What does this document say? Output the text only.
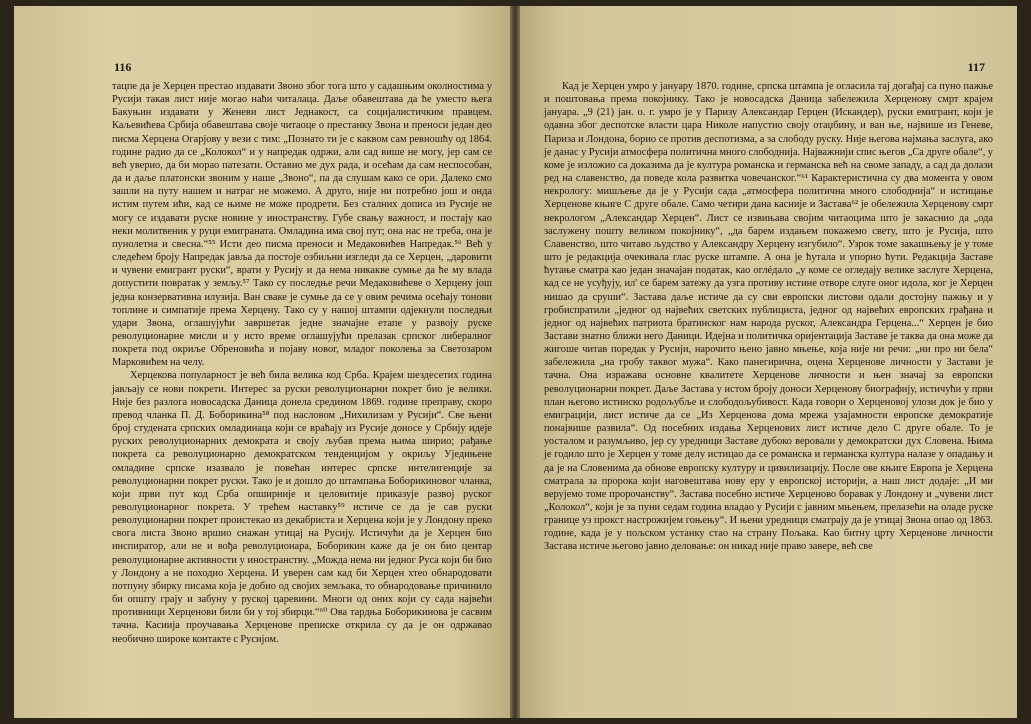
116

тацпе да је Херцен престао издавати Звоно због тога што у садашњим околностима у Русији такав лист није могао наћи читалаца. Даље обавештава да ће уместо њега Бакуњин издавати у Женеви лист Једнакост, са социјалистичким правцем. Каљевићева Србија обавештава своје читаоце о престанку Звона и преноси један део писма Херцена Огарјову у вези с тим: „Познато ти је с каквом сам ревношћу од 1864. године радио да се „Колокол“ и у напредак одржи, али сад више не могу, јер сам се већ уверио, да би морао патезати. Оставио ме дух рада, и осећам да сам неспособан, да и даље платонски звоним у наше „Звоно“, па да слушам како се ори. Далеко смо зашли на путу нашем и натраг не можемо. А друго, није ни потребно још и онда истим путем ићи, кад се њиме не може продрети. Без сталних дописа из Русије не могу се издавати руске новине у иностранству. Губе свању важност, и постају као неки молитвеник у руци емиграната. Омладина има свој пут; она нас не треба, она је пунолетна и свесна.“⁵⁵ Исти део писма преноси и Медаковићев Напредак.⁵⁶ Већ у следећем броју Напредак јавља да постоје озбиљни изгледи да се Херцен, „даровити и чувени емигрант руски“, врати у Русију и да нема никакве сумње да ће му влада допустити повратак у земљу.⁵⁷ Тако су последње речи Медаковићеве о Херцену још једна конзервативна илузија. Ван сваке је сумње да се у овим речима осећају тонови топлине и симпатије према Херцену. Тако су у нашој штампи одјекнули последњи удари Звона, оглашујући завршетак једне значајне етапе у развоју руске револуционарне мисли и у исто време оглашујући прелазак српског либералног покрета под окриље Обреновића и појаву новог, младог поколења за Светозаром Марковићем на челу.

Херцекова популарност је већ била велика код Срба. Крајем шездесетих година јављају се нови покрети. Интерес за руски револуционарни покрет био је велики. Није без разлога новосадска Даница донела средином 1869. године преправу, скоро превод чланка П. Д. Боборикина⁵⁸ под насловом „Нихилизам у Русији“. Све њени број студената српских омладинаца који се враћају из Русије доносе у Србију идеје руских револуционарних демократа и своју љубав према њима ширио; рађање покрета са револуционарно демократском тенденцијом у окриљу Уједињене омладине српске изазвало је повећан интерес српске интелигенције за револуционарни покрет руски. Тако је и дошло до штампања Боборикиновог чланка, који први пут код Срба опширније и целовитије приказује развој руског револуционарног покрета. У трећем наставку⁵⁹ истиче се да је сав руски револуционарни покрет проистекао из декабриста и Херцена који је у Лондону преко свога листа Звоно вршио снажан утицај на Русију. Истичући да је Херцен био инспиратор, али не и вођа револуционара, Боборикин каже да је он био центар револуционарне активности у иностранству. „Можда нема ни једног Руса који би био у Лондону а не походио Херцена. И уверен сам кад би Херцен хтео обнародовати потпуну збирку писама која је добио од својих земљака, то обнародовање причинило би општу грају и забуну у руској царевини. Многи од оних који су сада највећи противници Херценови били би у тој збирци.“⁶⁰ Ова тардња Боборикинова је сасвим тачна. Касиија проучавања Херценове преписке открила су да је он одржавао необично широке контакте с Русијом.

117

Кад је Херцен умро у јануару 1870. године, српска штампа је огласила тај догађај са пуно пажње и поштовања према покојнику. Тако је новосадска Даница забележила Херценову смрт крајем јануара. „9 (21) јан. о. г. умро је у Паризу Александар Герцен (Искандер), руски емигрант, који је одавна због деспотске власти цара Николе напустио своју отаџбину, и ван ње, највише из Геневе, Париза и Лондона, борио се против деспотизма, а за слободу руску. Није његова најмања заслуга, ако је данас у Русији атмосфера политична много слободнија. Најважнији спис његов „Са друге обале“, у коме је изложио са доказима да је култура романска и германска већ на своме западу, а сад да долази ред на славенство, да поведе кола развитка човечанског.“⁶¹ Карактеристична су два момента у овом некрологу: мишљење да је у Русији сада „атмосфера политична много слободнија“ и истицање Херценове књиге С друге обале. Само четири дана касније и Заставa⁶² је обележила Херценову смрт некрологом „Александар Херцен“. Лист се извињава својим читаоцима што је закаснио да „ода заслужену пошту великом покојнику“, „да барем издањем покажемо свету, што је Русија, што Славенство, што читаво људство у Александру Херцену изгубило“. Узрок томе закашњењу је у томе што је редакција очекивала глас руске штампе. А она је ћутала и упорно ћути. Редакција Заставе ћутање сматра као један значајан податак, као оглéдало „у коме се огледају велике заслуге Херцена, кад се не усуђују, ил' се барем затежу да узга противу истине отворе слуге оног идола, ког је Херцен нишао да сруши“. Застава даље истиче да су сви европски листови одали достојну пажњу и у гробиспратили „једног од највећих светских публициста, једног од највећих европских грађана и једног од највећих патриота братинског нам народа руског, Александра Герцена...“ Херцен је био Застави знатно ближи него Даници. Идејна и политичка оријентација Заставе је таква да она може да жигоше читав поредак у Русији, нарочито њено јавно мњење, која није ни речи: „ни про ни бела“ забележила „на гробу таквог мужа“. Како панегирична, оцена Херценове личности у Застави је тачна. Она изражава основне квалитете Херценове личности и њен значај за европски револуционарни покрет. Даље Застава у истом броју доноси Херценову биографију, истичући у први план његово истинско родољубље и слободољубивост. Када говори о Херценовој улози док је био у емиграцији, лист истиче да се „Из Херценова дома мрежа узајамности европске демократије понајвише развила“. Од посебних издања Херценових лист истиче дело С друге обале. То је уосталом и разумљиво, јер су уредници Заставе дубоко веровали у демократски дух Словена. Њима је годило што је Херцен у томе делу истицао да се романска и германска култура налазе у опадању и да је на Словенима да обнове европску културу и цивилизацију. После ове књиге Европа је Херцена сматрала за пророка који наговештава нову еру у европској историји, а наш лист додаје: „И ми верујемо томе пророчанству“. Застава посебно истиче Херценово боравак у Лондону и „чувени лист „Колокол“, који је за пуни седам година владао у Русији с јавним мњењем, прелазећи на оладе руске границе уз прокст настрожијем гоњењу“. И њени уредници сматрају да је утицај Звона опао од 1863. године, када је у пољском устанку стао на страну Пољака. Као битну црту Херценове личности Застава истиче његово јавно деловање: он никад није право завере, већ све
